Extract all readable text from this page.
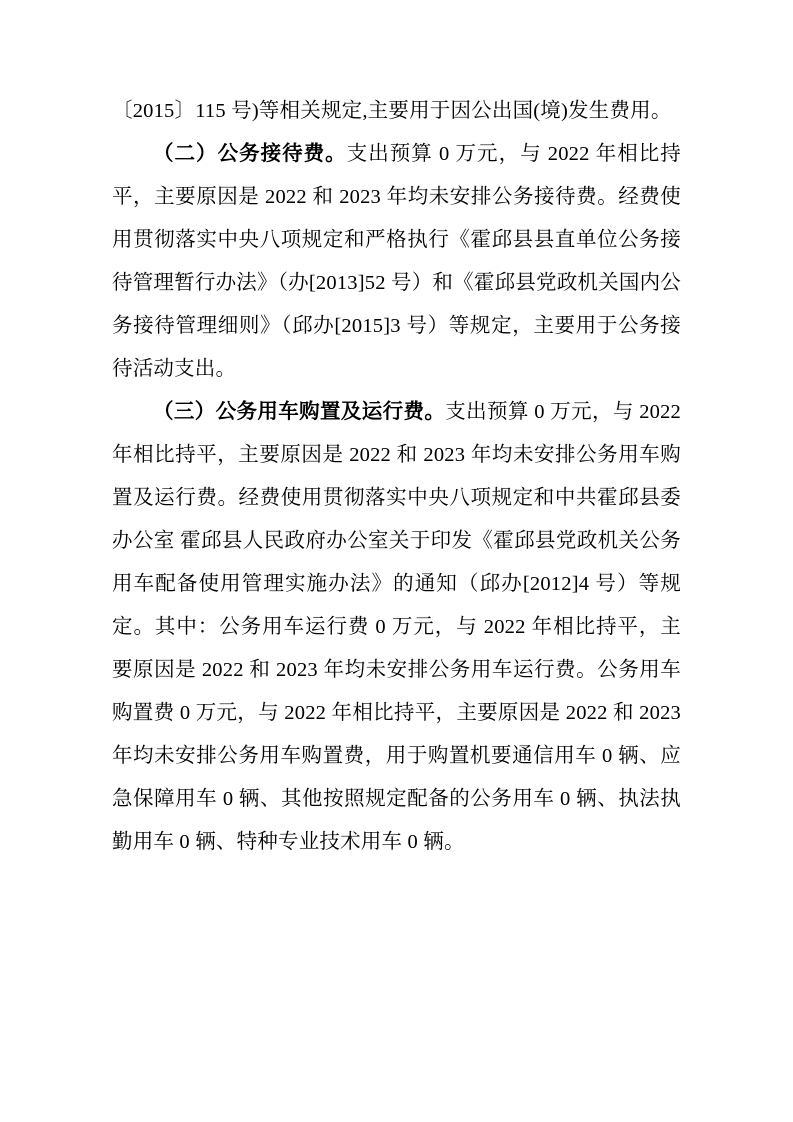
〔2015〕115 号)等相关规定,主要用于因公出国(境)发生费用。

（二）公务接待费。支出预算 0 万元，与 2022 年相比持平，主要原因是 2022 和 2023 年均未安排公务接待费。经费使用贯彻落实中央八项规定和严格执行《霍邱县县直单位公务接待管理暂行办法》（办[2013]52 号）和《霍邱县党政机关国内公务接待管理细则》（邱办[2015]3 号）等规定，主要用于公务接待活动支出。

（三）公务用车购置及运行费。支出预算 0 万元，与 2022 年相比持平，主要原因是 2022 和 2023 年均未安排公务用车购置及运行费。经费使用贯彻落实中央八项规定和中共霍邱县委办公室 霍邱县人民政府办公室关于印发《霍邱县党政机关公务用车配备使用管理实施办法》的通知（邱办[2012]4 号）等规定。其中：公务用车运行费 0 万元，与 2022 年相比持平，主要原因是 2022 和 2023 年均未安排公务用车运行费。公务用车购置费 0 万元，与 2022 年相比持平，主要原因是 2022 和 2023 年均未安排公务用车购置费，用于购置机要通信用车 0 辆、应急保障用车 0 辆、其他按照规定配备的公务用车 0 辆、执法执勤用车 0 辆、特种专业技术用车 0 辆。
